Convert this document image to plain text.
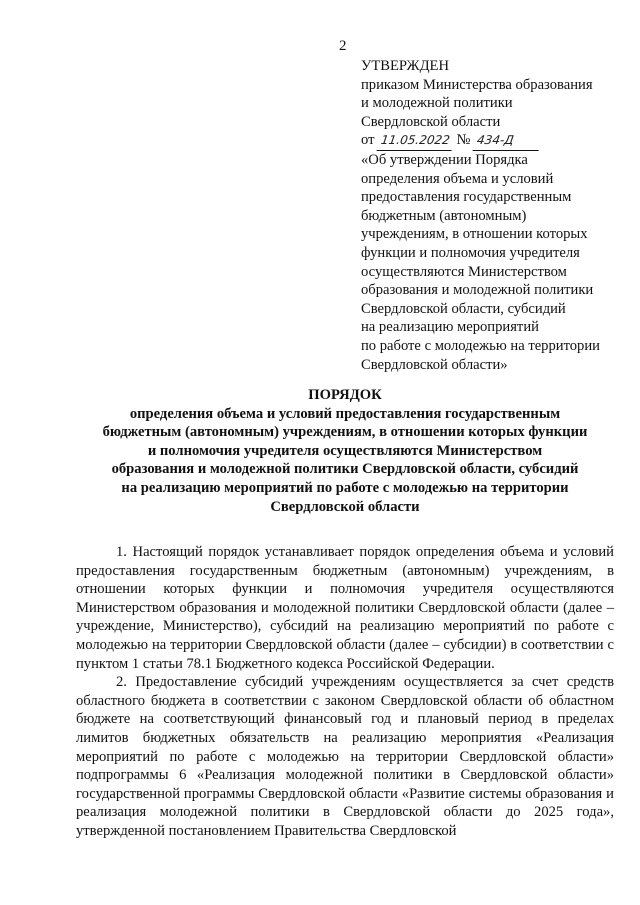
2
УТВЕРЖДЕН
приказом Министерства образования
и молодежной политики
Свердловской области
от 11.05.2022 № 434-Д
«Об утверждении Порядка
определения объема и условий
предоставления государственным
бюджетным (автономным)
учреждениям, в отношении которых
функции и полномочия учредителя
осуществляются Министерством
образования и молодежной политики
Свердловской области, субсидий
на реализацию мероприятий
по работе с молодежью на территории
Свердловской области»
ПОРЯДОК
определения объема и условий предоставления государственным
бюджетным (автономным) учреждениям, в отношении которых функции
и полномочия учредителя осуществляются Министерством
образования и молодежной политики Свердловской области, субсидий
на реализацию мероприятий по работе с молодежью на территории
Свердловской области

1. Настоящий порядок устанавливает порядок определения объема и условий предоставления государственным бюджетным (автономным) учреждениям, в отношении которых функции и полномочия учредителя осуществляются Министерством образования и молодежной политики Свердловской области (далее – учреждение, Министерство), субсидий на реализацию мероприятий по работе с молодежью на территории Свердловской области (далее – субсидии) в соответствии с пунктом 1 статьи 78.1 Бюджетного кодекса Российской Федерации.

2. Предоставление субсидий учреждениям осуществляется за счет средств областного бюджета в соответствии с законом Свердловской области об областном бюджете на соответствующий финансовый год и плановый период в пределах лимитов бюджетных обязательств на реализацию мероприятия «Реализация мероприятий по работе с молодежью на территории Свердловской области» подпрограммы 6 «Реализация молодежной политики в Свердловской области» государственной программы Свердловской области «Развитие системы образования и реализация молодежной политики в Свердловской области до 2025 года», утвержденной постановлением Правительства Свердловской
